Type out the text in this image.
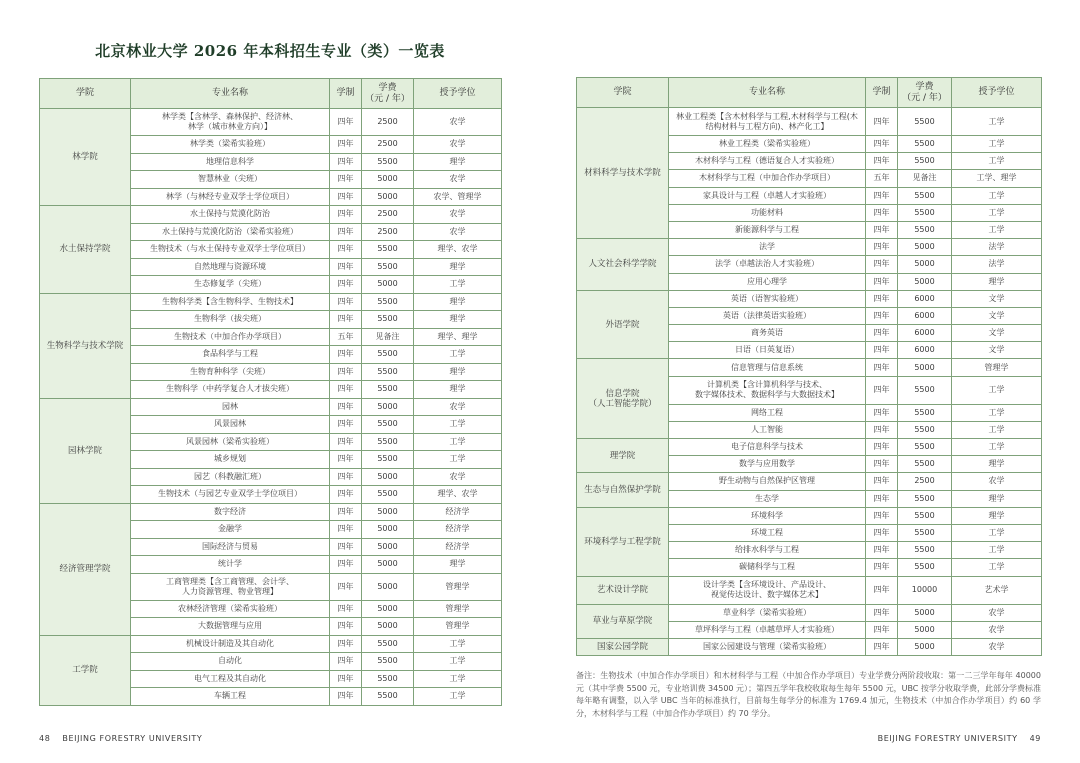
北京林业大学 2026 年本科招生专业（类）一览表
学院	专业名称	学制	学费
（元 / 年）	授予学位
林学院	林学类【含林学、森林保护、经济林、
林学（城市林业方向）】	四年	2500	农学
	林学类（梁希实验班）	四年	2500	农学
	地理信息科学	四年	5500	理学
	智慧林业（尖班）	四年	5000	农学
	林学（与林经专业双学士学位项目）	四年	5000	农学、管理学
水土保持学院	水土保持与荒漠化防治	四年	2500	农学
	水土保持与荒漠化防治（梁希实验班）	四年	2500	农学
	生物技术（与水土保持专业双学士学位项目）	四年	5500	理学、农学
	自然地理与资源环境	四年	5500	理学
	生态修复学（尖班）	四年	5000	工学
生物科学与技术学院	生物科学类【含生物科学、生物技术】	四年	5500	理学
	生物科学（拔尖班）	四年	5500	理学
	生物技术（中加合作办学项目）	五年	见备注	理学、理学
	食品科学与工程	四年	5500	工学
	生物育种科学（尖班）	四年	5500	理学
	生物科学（中药学复合人才拔尖班）	四年	5500	理学
园林学院	园林	四年	5000	农学
	风景园林	四年	5500	工学
	风景园林（梁希实验班）	四年	5500	工学
	城乡规划	四年	5500	工学
	园艺（科教融汇班）	四年	5000	农学
	生物技术（与园艺专业双学士学位项目）	四年	5500	理学、农学
经济管理学院	数字经济	四年	5000	经济学
	金融学	四年	5000	经济学
	国际经济与贸易	四年	5000	经济学
	统计学	四年	5000	理学
	工商管理类【含工商管理、会计学、
人力资源管理、物业管理】	四年	5000	管理学
	农林经济管理（梁希实验班）	四年	5000	管理学
	大数据管理与应用	四年	5000	管理学
工学院	机械设计制造及其自动化	四年	5500	工学
	自动化	四年	5500	工学
	电气工程及其自动化	四年	5500	工学
	车辆工程	四年	5500	工学
学院	专业名称	学制	学费
（元 / 年）	授予学位
材料科学与技术学院	林业工程类【含木材科学与工程,木材科学与工程(木
结构材料与工程方向)、林产化工】	四年	5500	工学
	林业工程类（梁希实验班）	四年	5500	工学
	木材科学与工程（德语复合人才实验班）	四年	5500	工学
	木材科学与工程（中加合作办学项目）	五年	见备注	工学、理学
	家具设计与工程（卓越人才实验班）	四年	5500	工学
	功能材料	四年	5500	工学
	新能源科学与工程	四年	5500	工学
人文社会科学学院	法学	四年	5000	法学
	法学（卓越法治人才实验班）	四年	5000	法学
	应用心理学	四年	5000	理学
外语学院	英语（语智实验班）	四年	6000	文学
	英语（法律英语实验班）	四年	6000	文学
	商务英语	四年	6000	文学
	日语（日英复语）	四年	6000	文学
信息学院
（人工智能学院）	信息管理与信息系统	四年	5000	管理学
	计算机类【含计算机科学与技术、
数字媒体技术、数据科学与大数据技术】	四年	5500	工学
	网络工程	四年	5500	工学
	人工智能	四年	5500	工学
理学院	电子信息科学与技术	四年	5500	工学
	数学与应用数学	四年	5500	理学
生态与自然保护学院	野生动物与自然保护区管理	四年	2500	农学
	生态学	四年	5500	理学
环境科学与工程学院	环境科学	四年	5500	理学
	环境工程	四年	5500	工学
	给排水科学与工程	四年	5500	工学
	碳储科学与工程	四年	5500	工学
艺术设计学院	设计学类【含环境设计、产品设计、
视觉传达设计、数字媒体艺术】	四年	10000	艺术学
草业与草原学院	草业科学（梁希实验班）	四年	5000	农学
	草坪科学与工程（卓越草坪人才实验班）	四年	5000	农学
国家公园学院	国家公园建设与管理（梁希实验班）	四年	5000	农学
备注：生物技术（中加合作办学项目）和木材科学与工程（中加合作办学项目）专业学费分两阶段收取：第一二三学年每年 40000 元（其中学费 5500 元，专业培训费 34500 元）；第四五学年我校收取每生每年 5500 元，UBC 按学分收取学费，此部分学费标准每年略有调整，以入学 UBC 当年的标准执行，目前每生每学分的标准为 1769.4 加元，生物技术（中加合作办学项目）约 60 学分，木材科学与工程（中加合作办学项目）约 70 学分。
48 BEIJING FORESTRY UNIVERSITY	BEIJING FORESTRY UNIVERSITY 49
